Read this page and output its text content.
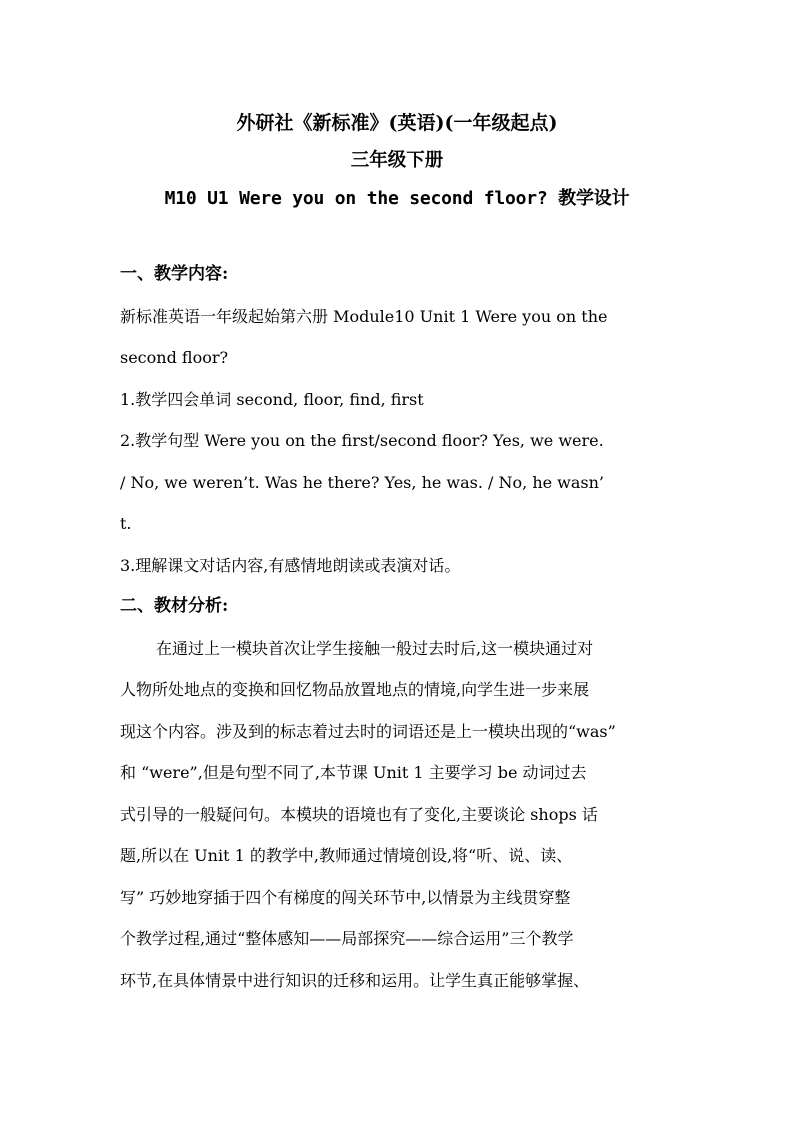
外研社《新标准》(英语)(一年级起点)
三年级下册
M10 U1 Were you on the second floor? 教学设计
一、教学内容:
新标准英语一年级起始第六册 Module10 Unit 1 Were you on the
second floor?
1.教学四会单词 second, floor, find, first
2.教学句型 Were you on the first/second floor? Yes, we were.
/ No, we weren’t. Was he there? Yes, he was. / No, he wasn’
t.
3.理解课文对话内容,有感情地朗读或表演对话。
二、教材分析:
在通过上一模块首次让学生接触一般过去时后,这一模块通过对
人物所处地点的变换和回忆物品放置地点的情境,向学生进一步来展
现这个内容。涉及到的标志着过去时的词语还是上一模块出现的“was”
和 “were”,但是句型不同了,本节课 Unit 1 主要学习 be 动词过去
式引导的一般疑问句。本模块的语境也有了变化,主要谈论 shops 话
题,所以在 Unit 1 的教学中,教师通过情境创设,将“听、说、读、
写” 巧妙地穿插于四个有梯度的闯关环节中,以情景为主线贯穿整
个教学过程,通过“整体感知——局部探究——综合运用”三个教学
环节,在具体情景中进行知识的迁移和运用。让学生真正能够掌握、
